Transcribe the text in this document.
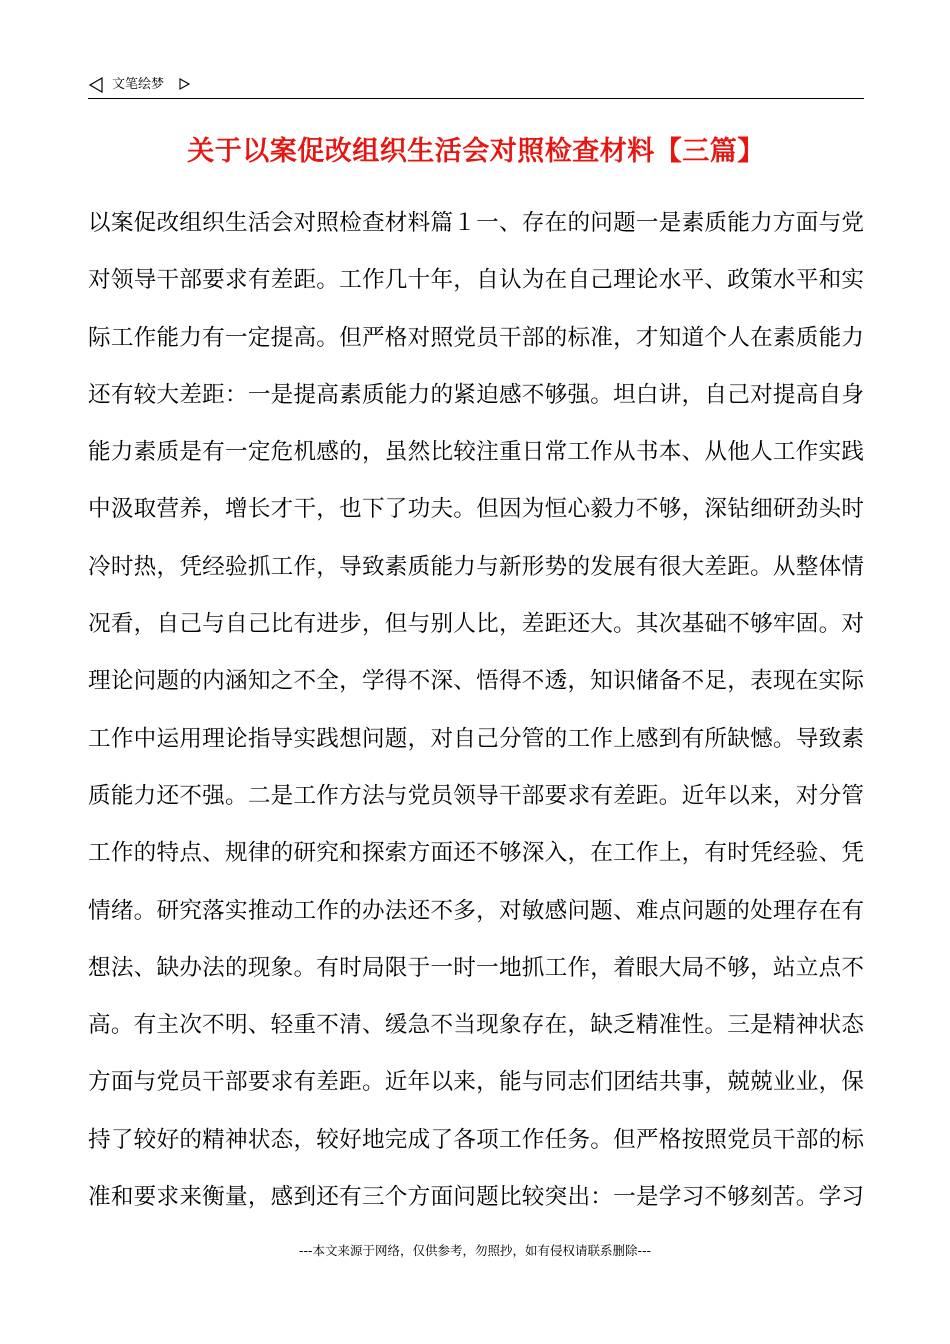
文笔绘梦
关于以案促改组织生活会对照检查材料【三篇】
以案促改组织生活会对照检查材料篇１一、存在的问题一是素质能力方面与党
对领导干部要求有差距。工作几十年，自认为在自己理论水平、政策水平和实
际工作能力有一定提高。但严格对照党员干部的标准，才知道个人在素质能力
还有较大差距：一是提高素质能力的紧迫感不够强。坦白讲，自己对提高自身
能力素质是有一定危机感的，虽然比较注重日常工作从书本、从他人工作实践
中汲取营养，增长才干，也下了功夫。但因为恒心毅力不够，深钻细研劲头时
冷时热，凭经验抓工作，导致素质能力与新形势的发展有很大差距。从整体情
况看，自己与自己比有进步，但与别人比，差距还大。其次基础不够牢固。对
理论问题的内涵知之不全，学得不深、悟得不透，知识储备不足，表现在实际
工作中运用理论指导实践想问题，对自己分管的工作上感到有所缺憾。导致素
质能力还不强。二是工作方法与党员领导干部要求有差距。近年以来，对分管
工作的特点、规律的研究和探索方面还不够深入，在工作上，有时凭经验、凭
情绪。研究落实推动工作的办法还不多，对敏感问题、难点问题的处理存在有
想法、缺办法的现象。有时局限于一时一地抓工作，着眼大局不够，站立点不
高。有主次不明、轻重不清、缓急不当现象存在，缺乏精准性。三是精神状态
方面与党员干部要求有差距。近年以来，能与同志们团结共事，兢兢业业，保
持了较好的精神状态，较好地完成了各项工作任务。但严格按照党员干部的标
准和要求来衡量，感到还有三个方面问题比较突出：一是学习不够刻苦。学习
---本文来源于网络，仅供参考，勿照抄，如有侵权请联系删除---
